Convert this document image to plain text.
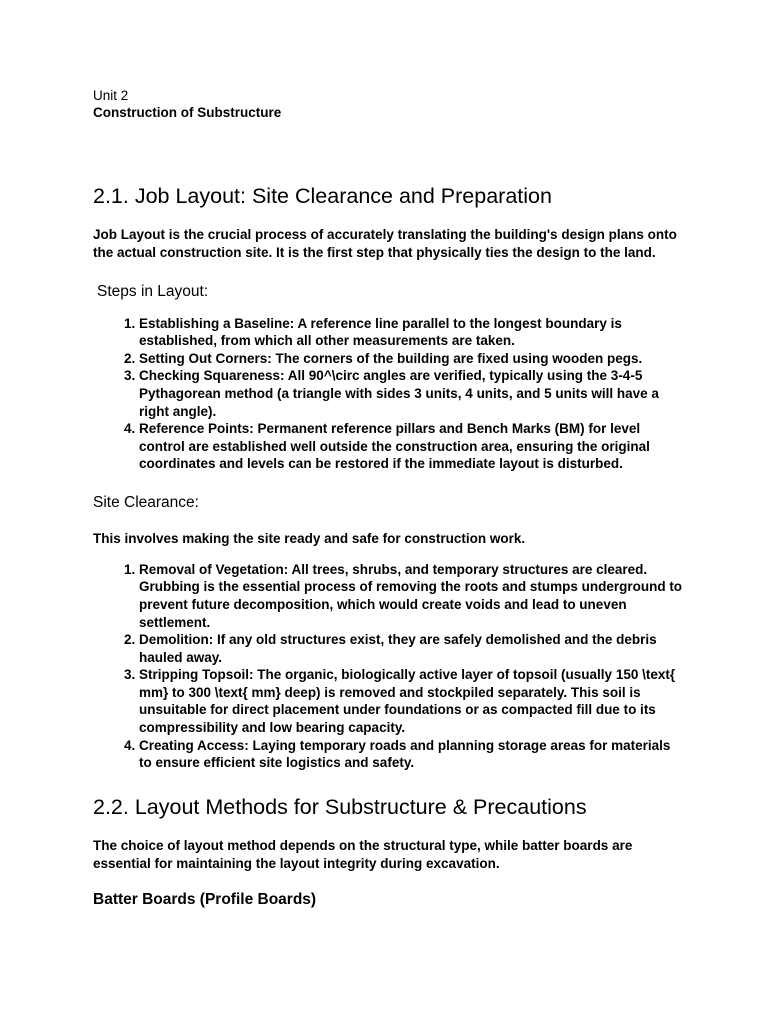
Unit 2

Construction of Substructure

2.1. Job Layout: Site Clearance and Preparation

Job Layout is the crucial process of accurately translating the building's design plans onto the actual construction site. It is the first step that physically ties the design to the land.

Steps in Layout:
1. Establishing a Baseline: A reference line parallel to the longest boundary is established, from which all other measurements are taken.
2. Setting Out Corners: The corners of the building are fixed using wooden pegs.
3. Checking Squareness: All 90^\circ angles are verified, typically using the 3-4-5 Pythagorean method (a triangle with sides 3 units, 4 units, and 5 units will have a right angle).
4. Reference Points: Permanent reference pillars and Bench Marks (BM) for level control are established well outside the construction area, ensuring the original coordinates and levels can be restored if the immediate layout is disturbed.
Site Clearance:

This involves making the site ready and safe for construction work.

1. Removal of Vegetation: All trees, shrubs, and temporary structures are cleared. Grubbing is the essential process of removing the roots and stumps underground to prevent future decomposition, which would create voids and lead to uneven settlement.
2. Demolition: If any old structures exist, they are safely demolished and the debris hauled away.
3. Stripping Topsoil: The organic, biologically active layer of topsoil (usually 150 \text{ mm} to 300 \text{ mm} deep) is removed and stockpiled separately. This soil is unsuitable for direct placement under foundations or as compacted fill due to its compressibility and low bearing capacity.
4. Creating Access: Laying temporary roads and planning storage areas for materials to ensure efficient site logistics and safety.
2.2. Layout Methods for Substructure & Precautions

The choice of layout method depends on the structural type, while batter boards are essential for maintaining the layout integrity during excavation.

Batter Boards (Profile Boards)
